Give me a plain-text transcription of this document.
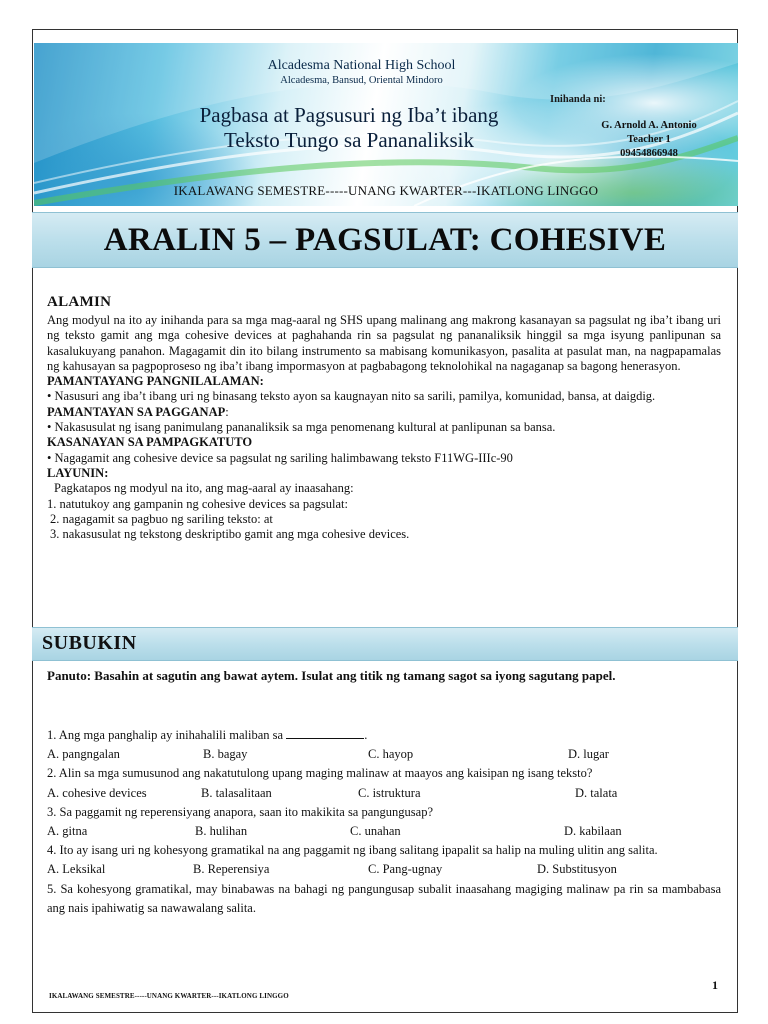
Alcadesma National High School
Alcadesma, Bansud, Oriental Mindoro
Pagbasa at Pagsusuri ng Iba’t ibang Teksto Tungo sa Pananaliksik
Inihanda ni:
G. Arnold A. Antonio
Teacher 1
09454866948
IKALAWANG SEMESTRE-----UNANG KWARTER---IKATLONG LINGGO
ARALIN 5 – PAGSULAT: COHESIVE
ALAMIN

Ang modyul na ito ay inihanda para sa mga mag-aaral ng SHS upang malinang ang makrong kasanayan sa pagsulat ng iba’t ibang uri ng teksto gamit ang mga cohesive devices at paghahanda rin sa pagsulat ng pananaliksik hinggil sa mga isyung panlipunan sa kasalukuyang panahon. Magagamit din ito bilang instrumento sa mabisang komunikasyon, pasalita at pasulat man, na nagpapamalas ng kahusayan sa pagpoproseso ng iba’t ibang impormasyon at pagbabagong teknolohikal na nagaganap sa bagong henerasyon.

PAMANTAYANG PANGNILALAMAN:

• Nasusuri ang iba’t ibang uri ng binasang teksto ayon sa kaugnayan nito sa sarili, pamilya, komunidad, bansa, at daigdig.

PAMANTAYAN SA PAGGANAP:

• Nakasusulat ng isang panimulang pananaliksik sa mga penomenang kultural at panlipunan sa bansa.

KASANAYAN SA PAMPAGKATUTO

• Nagagamit ang cohesive device sa pagsulat ng sariling halimbawang teksto F11WG-IIIc-90

LAYUNIN:

Pagkatapos ng modyul na ito, ang mag-aaral ay inaasahang:

1. natutukoy ang gampanin ng cohesive devices sa pagsulat:

2. nagagamit sa pagbuo ng sariling teksto: at

3. nakasusulat ng tekstong deskriptibo gamit ang mga cohesive devices.

SUBUKIN
Panuto: Basahin at sagutin ang bawat aytem. Isulat ang titik ng tamang sagot sa iyong sagutang papel.

1. Ang mga panghalip ay inihahalili maliban sa	.

A. pangngalan	B. bagay	C. hayop	D. lugar

2. Alin sa mga sumusunod ang nakatutulong upang maging malinaw at maayos ang kaisipan ng isang teksto?

A. cohesive devices	B. talasalitaan	C. istruktura	D. talata

3. Sa paggamit ng reperensiyang anapora, saan ito makikita sa pangungusap?

A. gitna	B. hulihan	C. unahan	D. kabilaan

4. Ito ay isang uri ng kohesyong gramatikal na ang paggamit ng ibang salitang ipapalit sa halip na muling ulitin ang salita.

A. Leksikal	B. Reperensiya	C. Pang-ugnay	D. Substitusyon

5. Sa kohesyong gramatikal, may binabawas na bahagi ng pangungusap subalit inaasahang magiging malinaw pa rin sa mambabasa ang nais ipahiwatig sa nawawalang salita.

1
IKALAWANG SEMESTRE-----UNANG KWARTER---IKATLONG LINGGO
